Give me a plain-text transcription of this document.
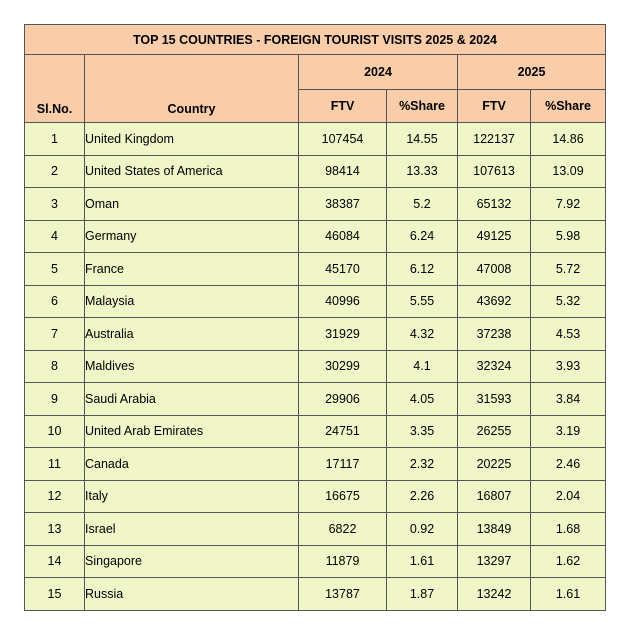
TOP 15 COUNTRIES - FOREIGN TOURIST VISITS 2025 & 2024					
Sl.No.	Country	2024		2025	
		FTV	%Share	FTV	%Share
1	United Kingdom	107454	14.55	122137	14.86
2	United States of America	98414	13.33	107613	13.09
3	Oman	38387	5.2	65132	7.92
4	Germany	46084	6.24	49125	5.98
5	France	45170	6.12	47008	5.72
6	Malaysia	40996	5.55	43692	5.32
7	Australia	31929	4.32	37238	4.53
8	Maldives	30299	4.1	32324	3.93
9	Saudi Arabia	29906	4.05	31593	3.84
10	United Arab Emirates	24751	3.35	26255	3.19
11	Canada	17117	2.32	20225	2.46
12	Italy	16675	2.26	16807	2.04
13	Israel	6822	0.92	13849	1.68
14	Singapore	11879	1.61	13297	1.62
15	Russia	13787	1.87	13242	1.61
